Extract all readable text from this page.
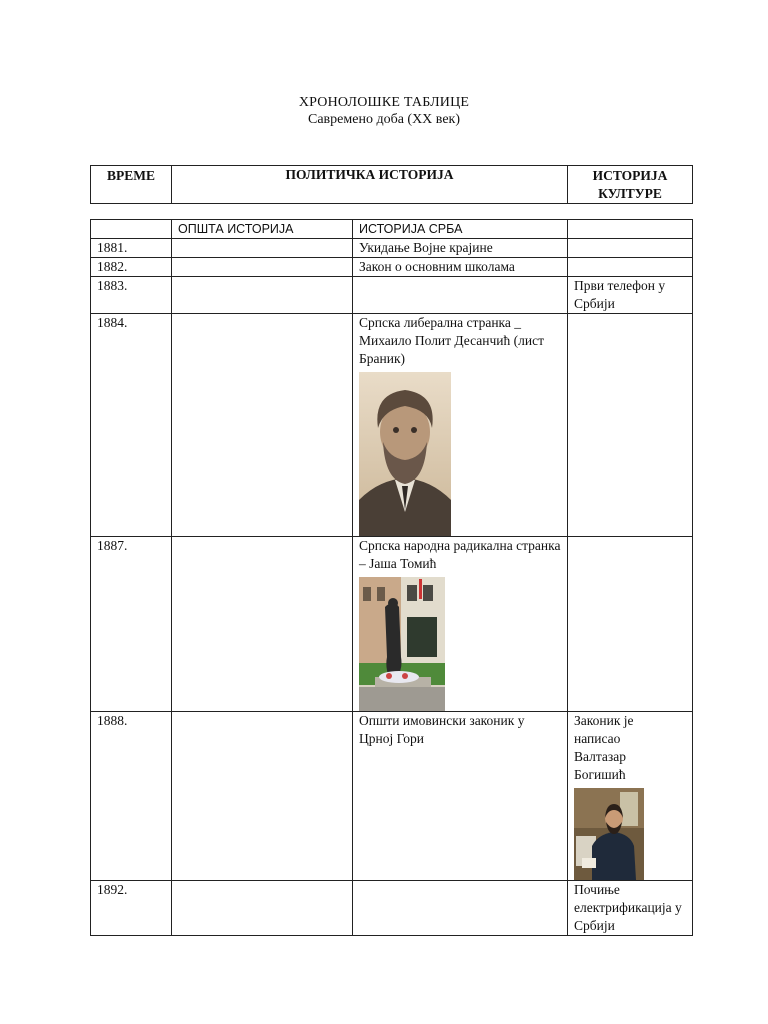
ХРОНОЛОШКЕ ТАБЛИЦЕ
Савремено доба (XX век)
ВРЕМЕ	ПОЛИТИЧКА ИСТОРИЈА	ИСТОРИЈА КУЛТУРЕ
	ОПШТА ИСТОРИЈА	ИСТОРИЈА СРБА	
1881.		Укидање Војне крајине	
1882.		Закон о основним школама	
1883.			Први телефон у Србији
1884.		Српска либерална странка _ Михаило Полит Десанчић (лист Браник)	

1887.		Српска народна радикална странка – Јаша Томић	

1888.		Општи имовински законик у Црној Гори	Законик је написао Валтазар Богишић

1892.			Почиње електрификација у Србији
